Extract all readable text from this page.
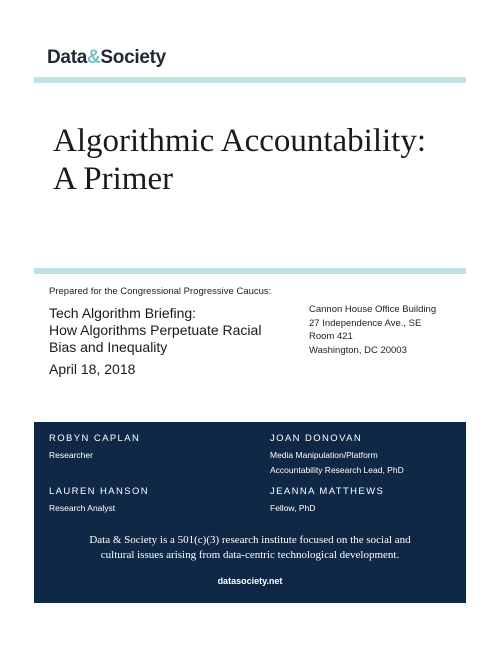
Data&Society
Algorithmic Accountability:
A Primer
Prepared for the Congressional Progressive Caucus:
Tech Algorithm Briefing:
How Algorithms Perpetuate Racial
Bias and Inequality
April 18, 2018
Cannon House Office Building
27 Independence Ave., SE
Room 421
Washington, DC 20003
ROBYN CAPLAN
Researcher
JOAN DONOVAN
Media Manipulation/Platform
Accountability Research Lead, PhD
LAUREN HANSON
Research Analyst
JEANNA MATTHEWS
Fellow, PhD
Data & Society is a 501(c)(3) research institute focused on the social and
cultural issues arising from data-centric technological development.
datasociety.net
